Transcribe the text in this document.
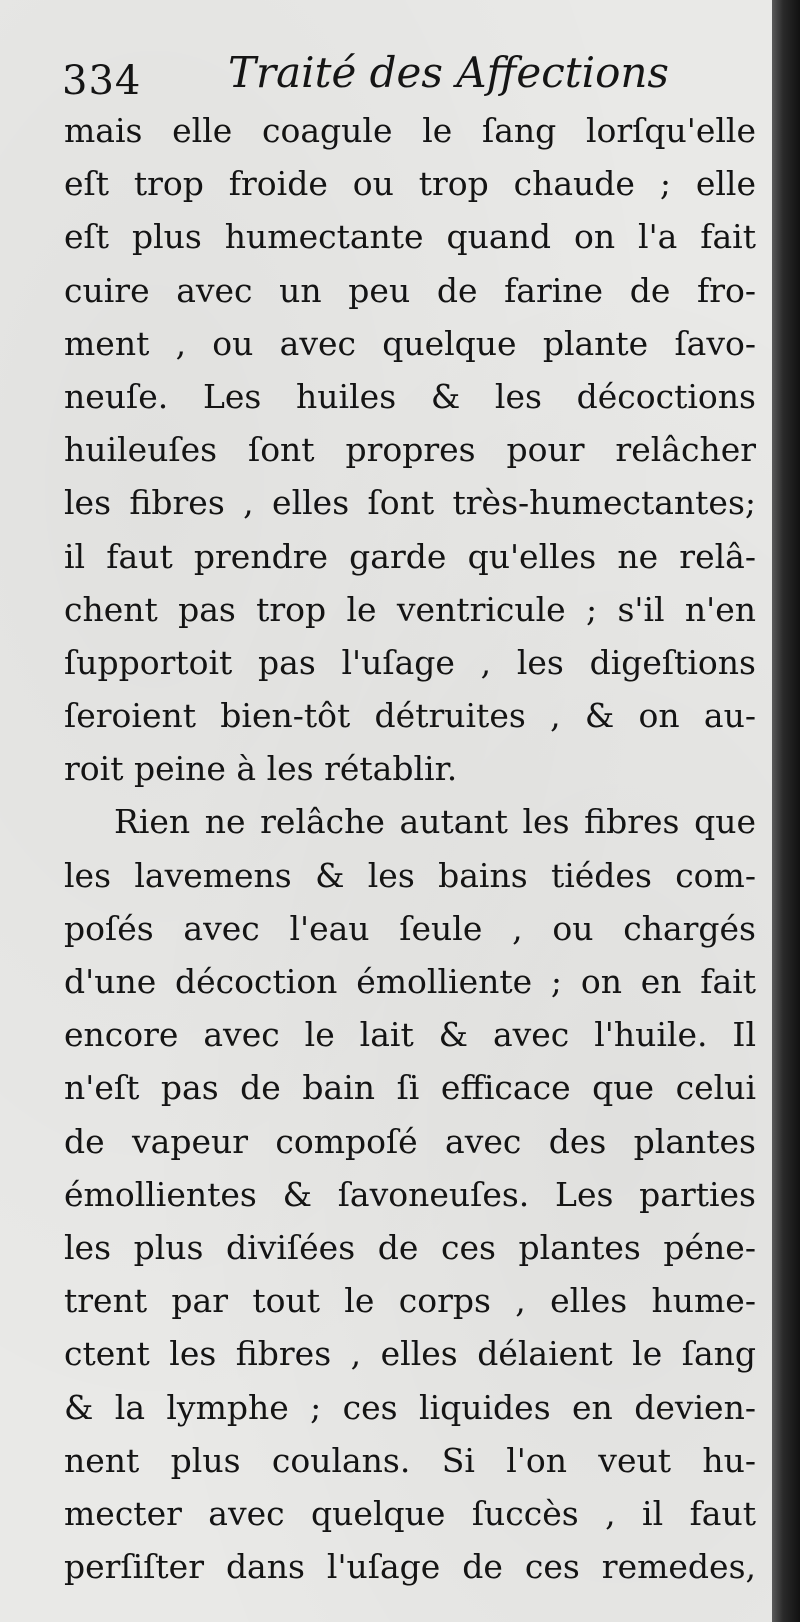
334 Traité des Affections
mais elle coagule le ſang lorſqu'elle
eſt trop froide ou trop chaude ; elle
eſt plus humectante quand on l'a fait
cuire avec un peu de farine de fro-
ment , ou avec quelque plante ſavo-
neuſe. Les huiles & les décoctions
huileuſes ſont propres pour relâcher
les fibres , elles ſont très-humectantes;
il faut prendre garde qu'elles ne relâ-
chent pas trop le ventricule ; s'il n'en
ſupportoit pas l'uſage , les digeſtions
ſeroient bien-tôt détruites , & on au-
roit peine à les rétablir.
Rien ne relâche autant les fibres que
les lavemens & les bains tiédes com-
poſés avec l'eau ſeule , ou chargés
d'une décoction émolliente ; on en fait
encore avec le lait & avec l'huile. Il
n'eſt pas de bain ſi efficace que celui
de vapeur compoſé avec des plantes
émollientes & ſavoneuſes. Les parties
les plus diviſées de ces plantes péne-
trent par tout le corps , elles hume-
ctent les fibres , elles délaient le ſang
& la lymphe ; ces liquides en devien-
nent plus coulans. Si l'on veut hu-
mecter avec quelque ſuccès , il faut
perſiſter dans l'uſage de ces remedes,
